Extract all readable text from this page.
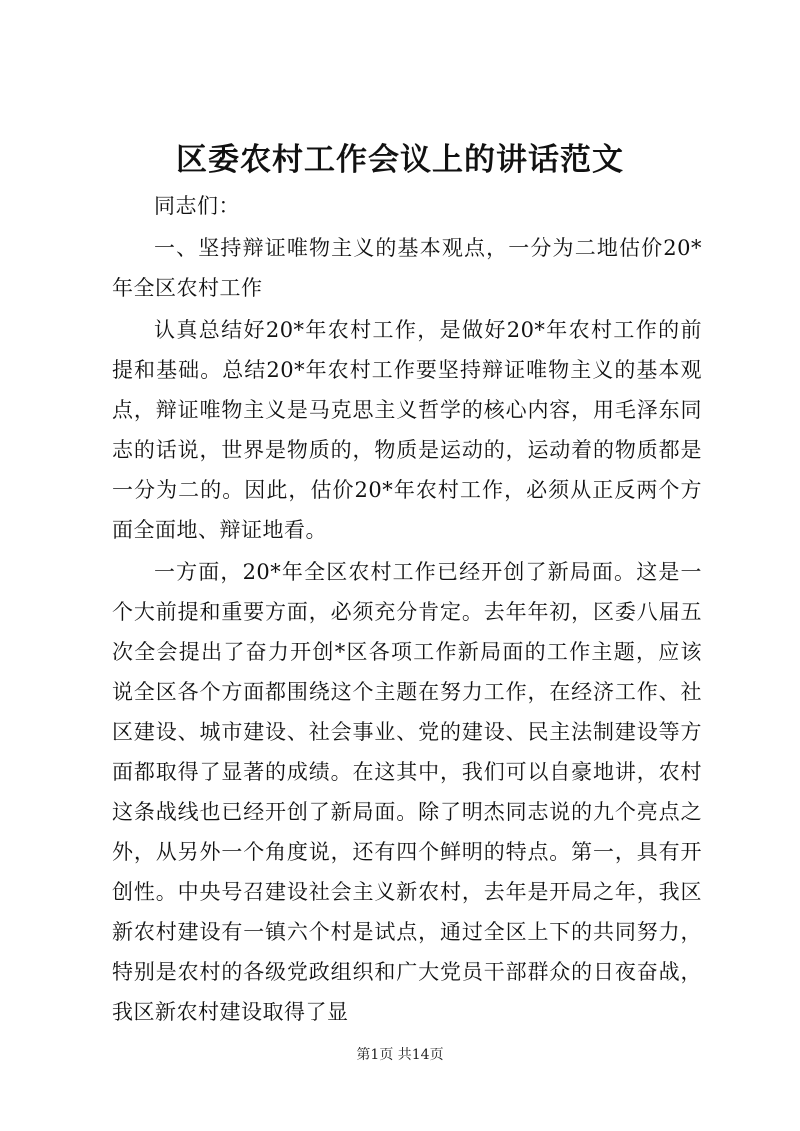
区委农村工作会议上的讲话范文

同志们：

一、坚持辩证唯物主义的基本观点，一分为二地估价20*年全区农村工作

认真总结好20*年农村工作，是做好20*年农村工作的前提和基础。总结20*年农村工作要坚持辩证唯物主义的基本观点，辩证唯物主义是马克思主义哲学的核心内容，用毛泽东同志的话说，世界是物质的，物质是运动的，运动着的物质都是一分为二的。因此，估价20*年农村工作，必须从正反两个方面全面地、辩证地看。

一方面，20*年全区农村工作已经开创了新局面。这是一个大前提和重要方面，必须充分肯定。去年年初，区委八届五次全会提出了奋力开创*区各项工作新局面的工作主题，应该说全区各个方面都围绕这个主题在努力工作，在经济工作、社区建设、城市建设、社会事业、党的建设、民主法制建设等方面都取得了显著的成绩。在这其中，我们可以自豪地讲，农村这条战线也已经开创了新局面。除了明杰同志说的九个亮点之外，从另外一个角度说，还有四个鲜明的特点。第一，具有开创性。中央号召建设社会主义新农村，去年是开局之年，我区新农村建设有一镇六个村是试点，通过全区上下的共同努力，特别是农村的各级党政组织和广大党员干部群众的日夜奋战，我区新农村建设取得了显

第1页 共14页
